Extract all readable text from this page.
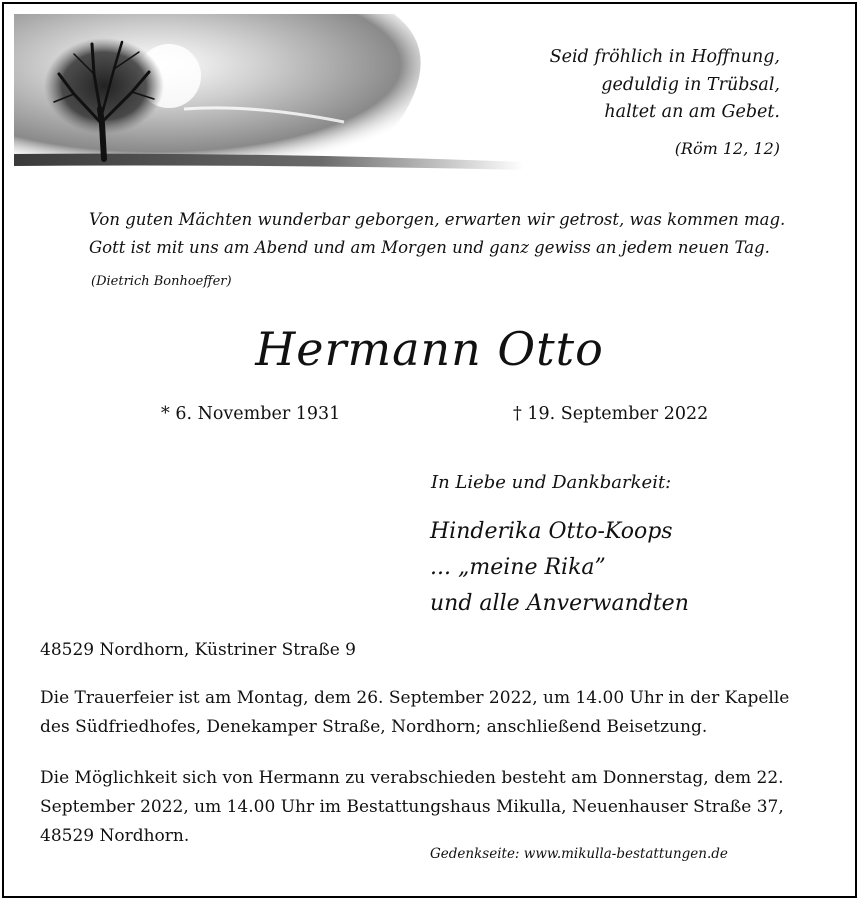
Seid fröhlich in Hoffnung,
geduldig in Trübsal,
haltet an am Gebet.
(Röm 12, 12)
Von guten Mächten wunderbar geborgen, erwarten wir getrost, was kommen mag.
Gott ist mit uns am Abend und am Morgen und ganz gewiss an jedem neuen Tag.
(Dietrich Bonhoeffer)
Hermann Otto
* 6. November 1931	† 19. September 2022
In Liebe und Dankbarkeit:
Hinderika Otto-Koops
... „meine Rika”
und alle Anverwandten
48529 Nordhorn, Küstriner Straße 9
Die Trauerfeier ist am Montag, dem 26. September 2022, um 14.00 Uhr in der Kapelle
des Südfriedhofes, Denekamper Straße, Nordhorn; anschließend Beisetzung.
Die Möglichkeit sich von Hermann zu verabschieden besteht am Donnerstag, dem 22.
September 2022, um 14.00 Uhr im Bestattungshaus Mikulla, Neuenhauser Straße 37,
48529 Nordhorn.
Gedenkseite: www.mikulla-bestattungen.de
